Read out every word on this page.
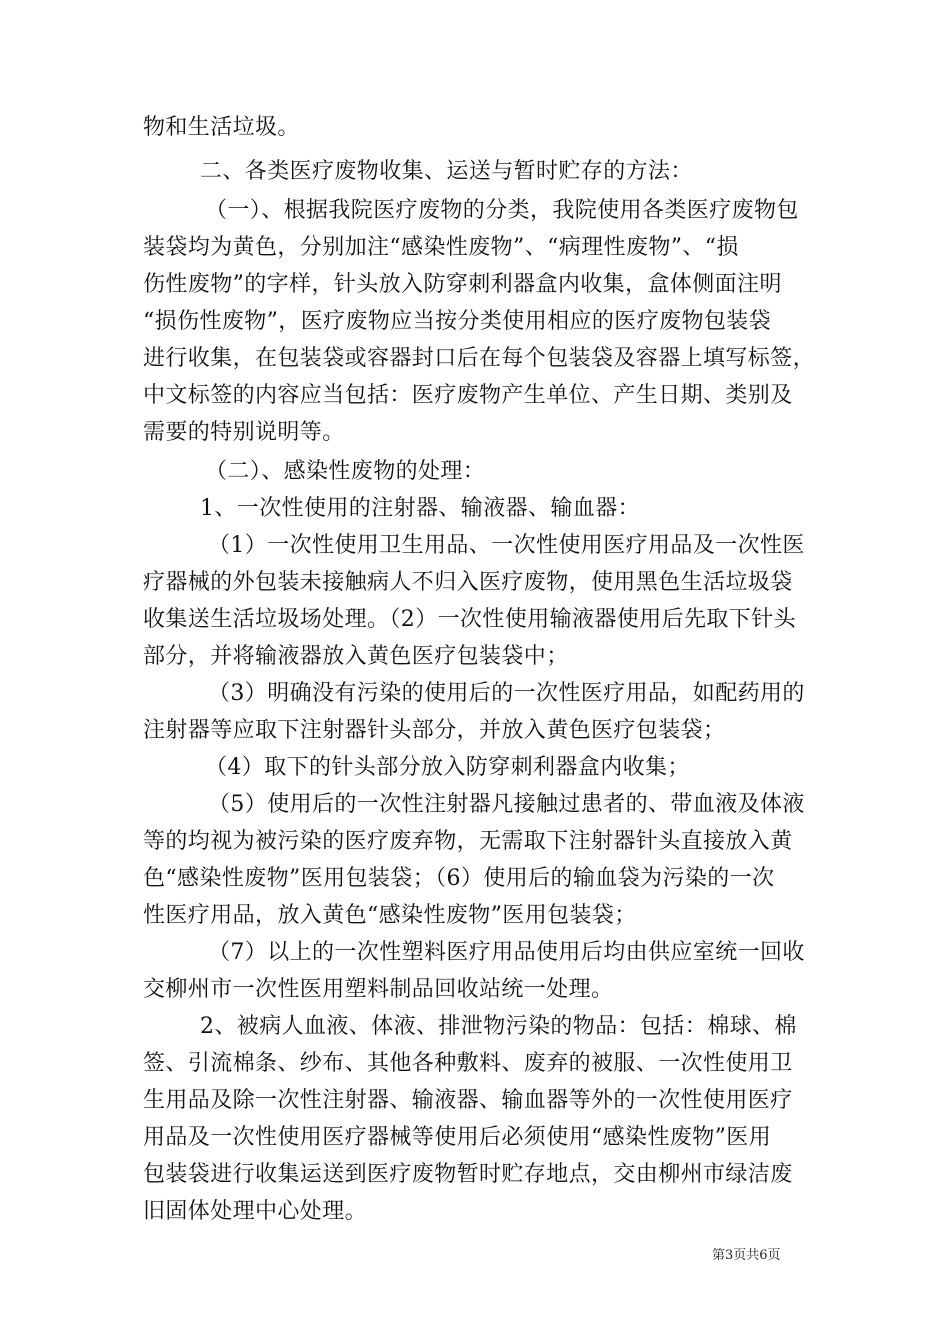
物和生活垃圾。
二、各类医疗废物收集、运送与暂时贮存的方法：
（一）、根据我院医疗废物的分类，我院使用各类医疗废物包
装袋均为黄色，分别加注“感染性废物”、“病理性废物”、“损
伤性废物”的字样，针头放入防穿刺利器盒内收集，盒体侧面注明
“损伤性废物”，医疗废物应当按分类使用相应的医疗废物包装袋
进行收集，在包装袋或容器封口后在每个包装袋及容器上填写标签，
中文标签的内容应当包括：医疗废物产生单位、产生日期、类别及
需要的特别说明等。
（二）、感染性废物的处理：
1、一次性使用的注射器、输液器、输血器：
（1）一次性使用卫生用品、一次性使用医疗用品及一次性医
疗器械的外包装未接触病人不归入医疗废物，使用黑色生活垃圾袋
收集送生活垃圾场处理。（2）一次性使用输液器使用后先取下针头
部分，并将输液器放入黄色医疗包装袋中；
（3）明确没有污染的使用后的一次性医疗用品，如配药用的
注射器等应取下注射器针头部分，并放入黄色医疗包装袋；
（4）取下的针头部分放入防穿刺利器盒内收集；
（5）使用后的一次性注射器凡接触过患者的、带血液及体液
等的均视为被污染的医疗废弃物，无需取下注射器针头直接放入黄
色“感染性废物”医用包装袋；（6）使用后的输血袋为污染的一次
性医疗用品，放入黄色“感染性废物”医用包装袋；
（7）以上的一次性塑料医疗用品使用后均由供应室统一回收
交柳州市一次性医用塑料制品回收站统一处理。
2、被病人血液、体液、排泄物污染的物品：包括：棉球、棉
签、引流棉条、纱布、其他各种敷料、废弃的被服、一次性使用卫
生用品及除一次性注射器、输液器、输血器等外的一次性使用医疗
用品及一次性使用医疗器械等使用后必须使用“感染性废物”医用
包装袋进行收集运送到医疗废物暂时贮存地点，交由柳州市绿洁废
旧固体处理中心处理。
第3页共6页
